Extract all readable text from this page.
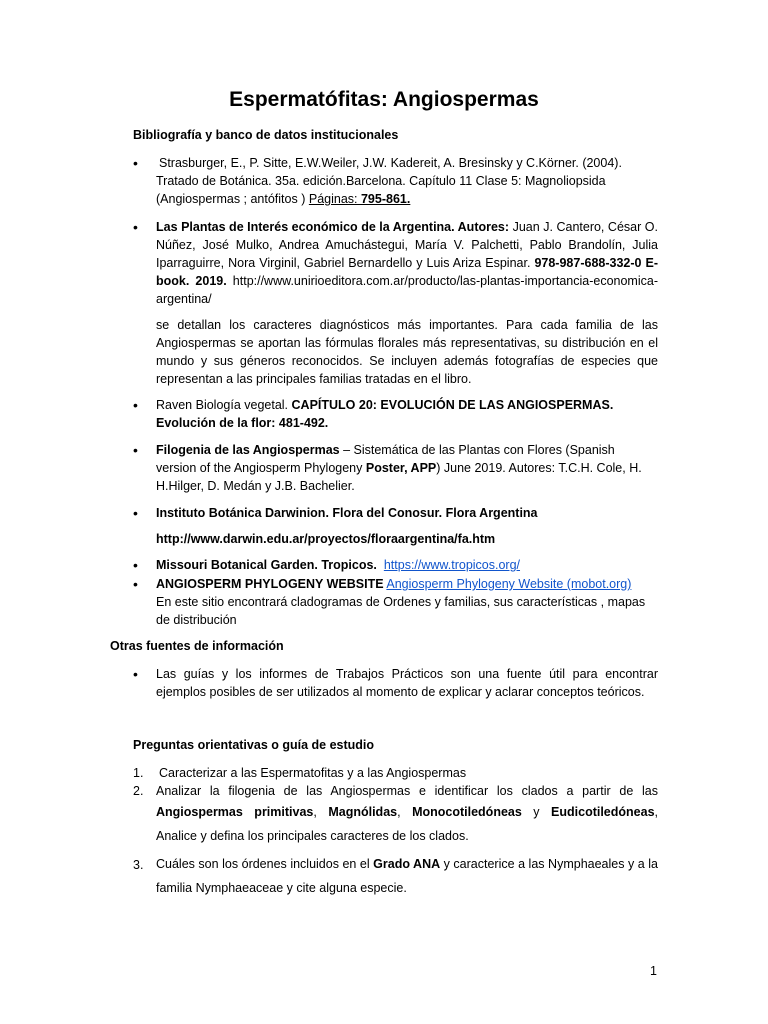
Espermatófitas: Angiospermas

Bibliografía y banco de datos institucionales

• Strasburger, E., P. Sitte, E.W.Weiler, J.W. Kadereit, A. Bresinsky y C.Körner. (2004).
Tratado de Botánica. 35a. edición.Barcelona. Capítulo 11 Clase 5: Magnoliopsida
(Angiospermas ; antófitos ) Páginas: 795-861.
• Las Plantas de Interés económico de la Argentina. Autores: Juan J. Cantero, César O. Núñez, José Mulko, Andrea Amuchástegui, María V. Palchetti, Pablo Brandolín, Julia Iparraguirre, Nora Virginil, Gabriel Bernardello y Luis Ariza Espinar. 978-987-688-332-0 E-book. 2019. http://www.unirioeditora.com.ar/producto/las-plantas-importancia-economica-argentina/

se detallan los caracteres diagnósticos más importantes. Para cada familia de las Angiospermas se aportan las fórmulas florales más representativas, su distribución en el mundo y sus géneros reconocidos. Se incluyen además fotografías de especies que representan a las principales familias tratadas en el libro.

• Raven Biología vegetal. CAPÍTULO 20: EVOLUCIÓN DE LAS ANGIOSPERMAS. Evolución de la flor: 481-492.

• Filogenia de las Angiospermas – Sistemática de las Plantas con Flores (Spanish version of the Angiosperm Phylogeny Poster, APP) June 2019. Autores: T.C.H. Cole, H. H.Hilger, D. Medán y J.B. Bachelier.

• Instituto Botánica Darwinion. Flora del Conosur. Flora Argentina

http://www.darwin.edu.ar/proyectos/floraargentina/fa.htm

• Missouri Botanical Garden. Tropicos. https://www.tropicos.org/

• ANGIOSPERM PHYLOGENY WEBSITE Angiosperm Phylogeny Website (mobot.org)
En este sitio encontrará cladogramas de Ordenes y familias, sus características , mapas de distribución

Otras fuentes de información

• Las guías y los informes de Trabajos Prácticos son una fuente útil para encontrar ejemplos posibles de ser utilizados al momento de explicar y aclarar conceptos teóricos.

Preguntas orientativas o guía de estudio

1. Caracterizar a las Espermatofitas y a las Angiospermas

2. Analizar la filogenia de las Angiospermas e identificar los clados a partir de las Angiospermas primitivas, Magnólidas, Monocotiledóneas y Eudicotiledóneas, Analice y defina los principales caracteres de los clados.

3. Cuáles son los órdenes incluidos en el Grado ANA y caracterice a las Nymphaeales y a la familia Nymphaeaceae y cite alguna especie.

1
